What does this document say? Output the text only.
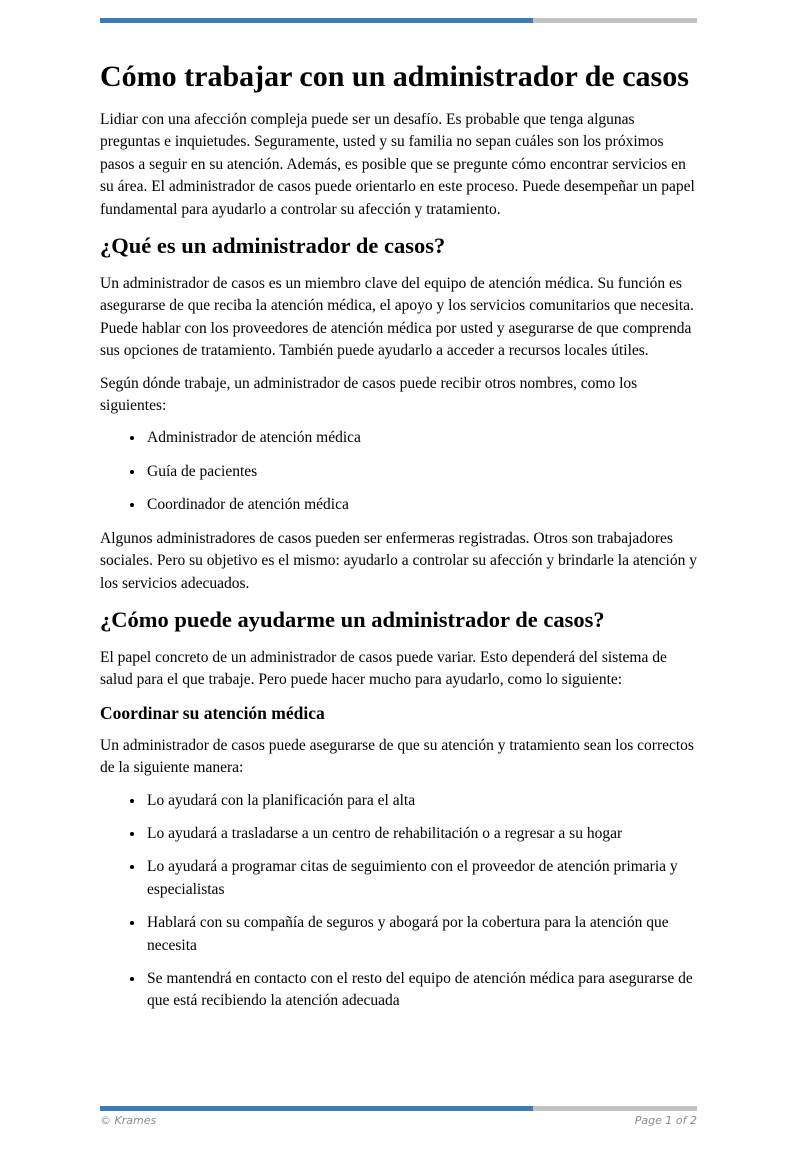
Cómo trabajar con un administrador de casos

Lidiar con una afección compleja puede ser un desafío. Es probable que tenga algunas preguntas e inquietudes. Seguramente, usted y su familia no sepan cuáles son los próximos pasos a seguir en su atención. Además, es posible que se pregunte cómo encontrar servicios en su área. El administrador de casos puede orientarlo en este proceso. Puede desempeñar un papel fundamental para ayudarlo a controlar su afección y tratamiento.

¿Qué es un administrador de casos?

Un administrador de casos es un miembro clave del equipo de atención médica. Su función es asegurarse de que reciba la atención médica, el apoyo y los servicios comunitarios que necesita. Puede hablar con los proveedores de atención médica por usted y asegurarse de que comprenda sus opciones de tratamiento. También puede ayudarlo a acceder a recursos locales útiles.

Según dónde trabaje, un administrador de casos puede recibir otros nombres, como los siguientes:

• Administrador de atención médica
• Guía de pacientes
• Coordinador de atención médica

Algunos administradores de casos pueden ser enfermeras registradas. Otros son trabajadores sociales. Pero su objetivo es el mismo: ayudarlo a controlar su afección y brindarle la atención y los servicios adecuados.

¿Cómo puede ayudarme un administrador de casos?

El papel concreto de un administrador de casos puede variar. Esto dependerá del sistema de salud para el que trabaje. Pero puede hacer mucho para ayudarlo, como lo siguiente:

Coordinar su atención médica

Un administrador de casos puede asegurarse de que su atención y tratamiento sean los correctos de la siguiente manera:

• Lo ayudará con la planificación para el alta
• Lo ayudará a trasladarse a un centro de rehabilitación o a regresar a su hogar
• Lo ayudará a programar citas de seguimiento con el proveedor de atención primaria y especialistas
• Hablará con su compañía de seguros y abogará por la cobertura para la atención que necesita
• Se mantendrá en contacto con el resto del equipo de atención médica para asegurarse de que está recibiendo la atención adecuada
© Krames	Page 1 of 2
